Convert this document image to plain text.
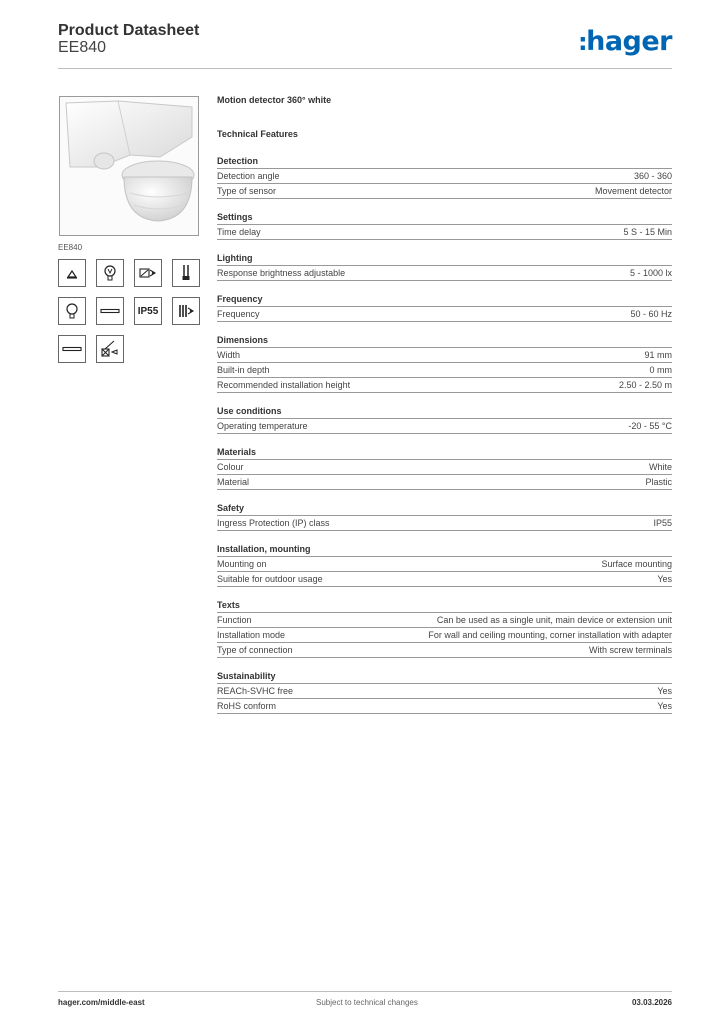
Product Datasheet
EE840	:hager
EE840
IP55
Motion detector 360° white
Technical Features
Detection
Detection angle	360 - 360
Type of sensor	Movement detector
Settings
Time delay	5 S - 15 Min
Lighting
Response brightness adjustable	5 - 1000 lx
Frequency
Frequency	50 - 60 Hz
Dimensions
Width	91 mm
Built-in depth	0 mm
Recommended installation height	2.50 - 2.50 m
Use conditions
Operating temperature	-20 - 55 °C
Materials
Colour	White
Material	Plastic
Safety
Ingress Protection (IP) class	IP55
Installation, mounting
Mounting on	Surface mounting
Suitable for outdoor usage	Yes
Texts
Function	Can be used as a single unit, main device or extension unit
Installation mode	For wall and ceiling mounting, corner installation with adapter
Type of connection	With screw terminals
Sustainability
REACh-SVHC free	Yes
RoHS conform	Yes
hager.com/middle-east	Subject to technical changes	03.03.2026
